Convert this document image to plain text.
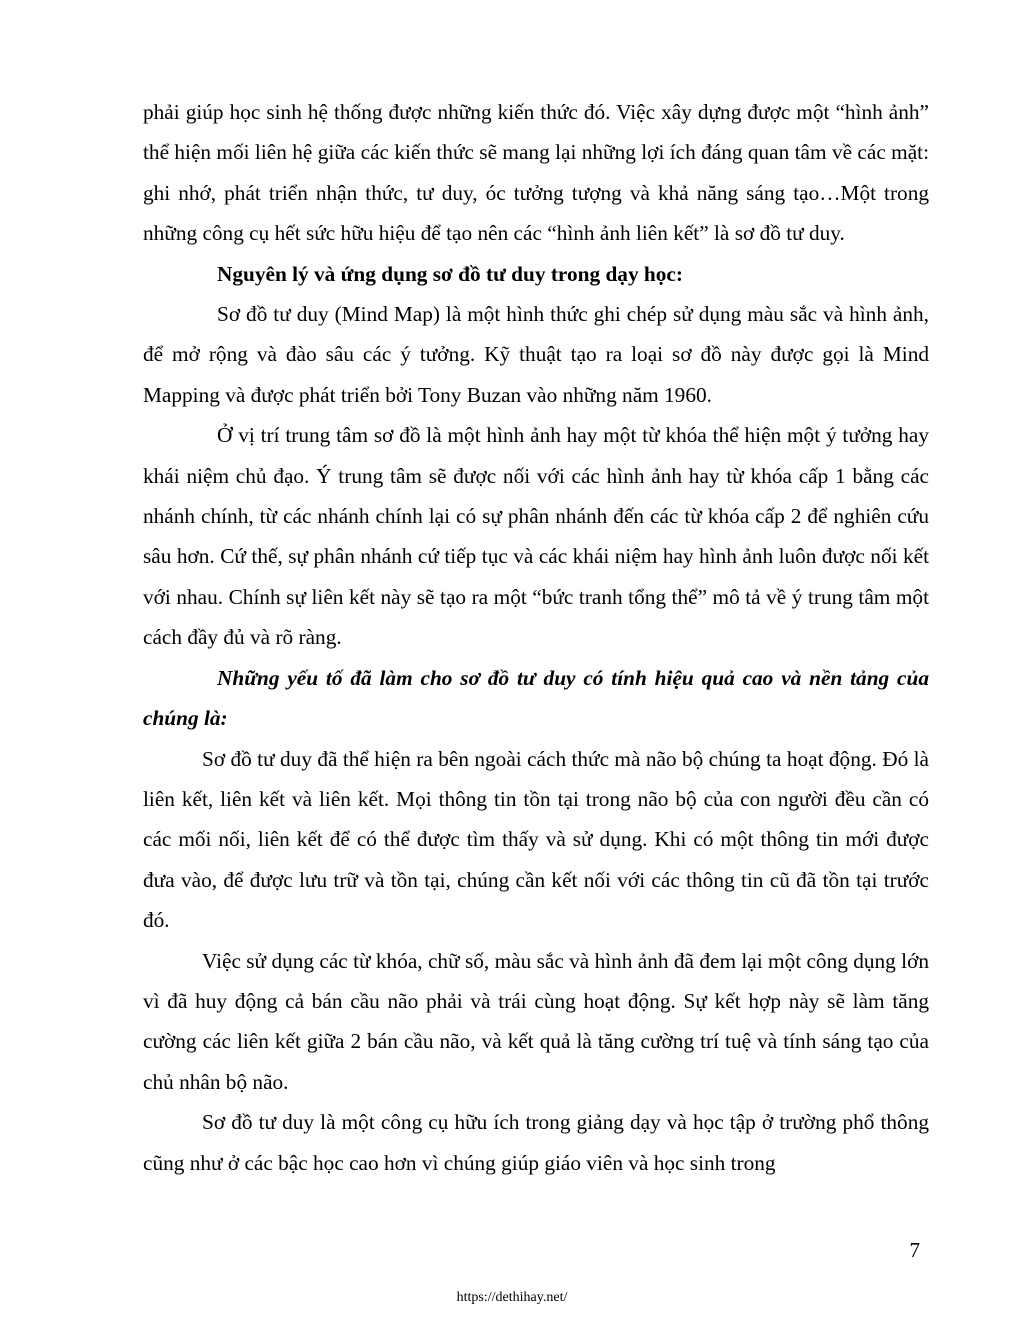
phải giúp học sinh hệ thống được những kiến thức đó. Việc xây dựng được một “hình ảnh” thể hiện mối liên hệ giữa các kiến thức sẽ mang lại những lợi ích đáng quan tâm về các mặt: ghi nhớ, phát triển nhận thức, tư duy, óc tưởng tượng và khả năng sáng tạo…Một trong những công cụ hết sức hữu hiệu để tạo nên các “hình ảnh liên kết” là sơ đồ tư duy.

Nguyên lý và ứng dụng sơ đồ tư duy trong dạy học:

Sơ đồ tư duy (Mind Map) là một hình thức ghi chép sử dụng màu sắc và hình ảnh, để mở rộng và đào sâu các ý tưởng. Kỹ thuật tạo ra loại sơ đồ này được gọi là Mind Mapping và được phát triển bởi Tony Buzan vào những năm 1960.

Ở vị trí trung tâm sơ đồ là một hình ảnh hay một từ khóa thể hiện một ý tưởng hay khái niệm chủ đạo. Ý trung tâm sẽ được nối với các hình ảnh hay từ khóa cấp 1 bằng các nhánh chính, từ các nhánh chính lại có sự phân nhánh đến các từ khóa cấp 2 để nghiên cứu sâu hơn. Cứ thế, sự phân nhánh cứ tiếp tục và các khái niệm hay hình ảnh luôn được nối kết với nhau. Chính sự liên kết này sẽ tạo ra một “bức tranh tổng thể” mô tả về ý trung tâm một cách đầy đủ và rõ ràng.

Những yếu tố đã làm cho sơ đồ tư duy có tính hiệu quả cao và nền tảng của chúng là:

Sơ đồ tư duy đã thể hiện ra bên ngoài cách thức mà não bộ chúng ta hoạt động. Đó là liên kết, liên kết và liên kết. Mọi thông tin tồn tại trong não bộ của con người đều cần có các mối nối, liên kết để có thể được tìm thấy và sử dụng. Khi có một thông tin mới được đưa vào, để được lưu trữ và tồn tại, chúng cần kết nối với các thông tin cũ đã tồn tại trước đó.

Việc sử dụng các từ khóa, chữ số, màu sắc và hình ảnh đã đem lại một công dụng lớn vì đã huy động cả bán cầu não phải và trái cùng hoạt động. Sự kết hợp này sẽ làm tăng cường các liên kết giữa 2 bán cầu não, và kết quả là tăng cường trí tuệ và tính sáng tạo của chủ nhân bộ não.

Sơ đồ tư duy là một công cụ hữu ích trong giảng dạy và học tập ở trường phổ thông cũng như ở các bậc học cao hơn vì chúng giúp giáo viên và học sinh trong

7
https://dethihay.net/
